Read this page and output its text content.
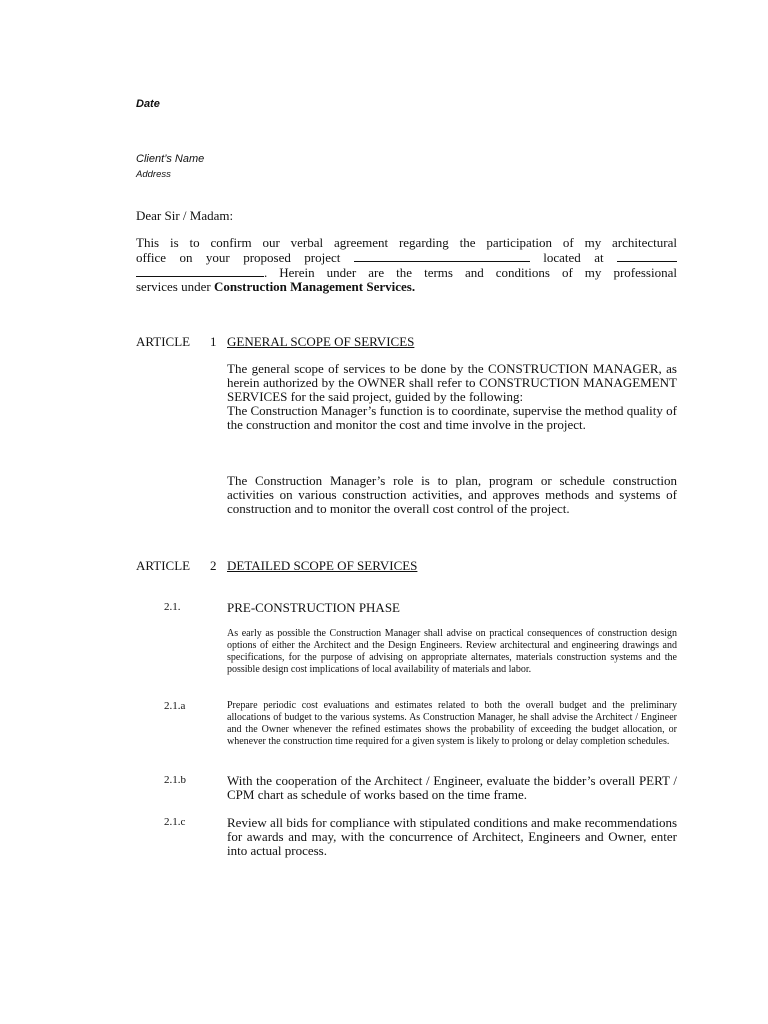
Date
Client’s Name
Address
Dear Sir / Madam:
This is to confirm our verbal agreement regarding the participation of my architectural
office on your proposed project	located at
. Herein under are the terms and conditions of my professional
services under Construction Management Services.
ARTICLE 1 GENERAL SCOPE OF SERVICES
The general scope of services to be done by the CONSTRUCTION MANAGER, as herein authorized by the OWNER shall refer to CONSTRUCTION MANAGEMENT SERVICES for the said project, guided by the following:
The Construction Manager’s function is to coordinate, supervise the method quality of the construction and monitor the cost and time involve in the project.
The Construction Manager’s role is to plan, program or schedule construction activities on various construction activities, and approves methods and systems of construction and to monitor the overall cost control of the project.
ARTICLE 2 DETAILED SCOPE OF SERVICES
2.1.	PRE-CONSTRUCTION PHASE
As early as possible the Construction Manager shall advise on practical consequences of construction design options of either the Architect and the Design Engineers. Review architectural and engineering drawings and specifications, for the purpose of advising on appropriate alternates, materials construction systems and the possible design cost implications of local availability of materials and labor.
2.1.a	Prepare periodic cost evaluations and estimates related to both the overall budget and the preliminary allocations of budget to the various systems. As Construction Manager, he shall advise the Architect / Engineer and the Owner whenever the refined estimates shows the probability of exceeding the budget allocation, or whenever the construction time required for a given system is likely to prolong or delay completion schedules.
2.1.b	With the cooperation of the Architect / Engineer, evaluate the bidder’s overall PERT / CPM chart as schedule of works based on the time frame.
2.1.c	Review all bids for compliance with stipulated conditions and make recommendations for awards and may, with the concurrence of Architect, Engineers and Owner, enter into actual process.
